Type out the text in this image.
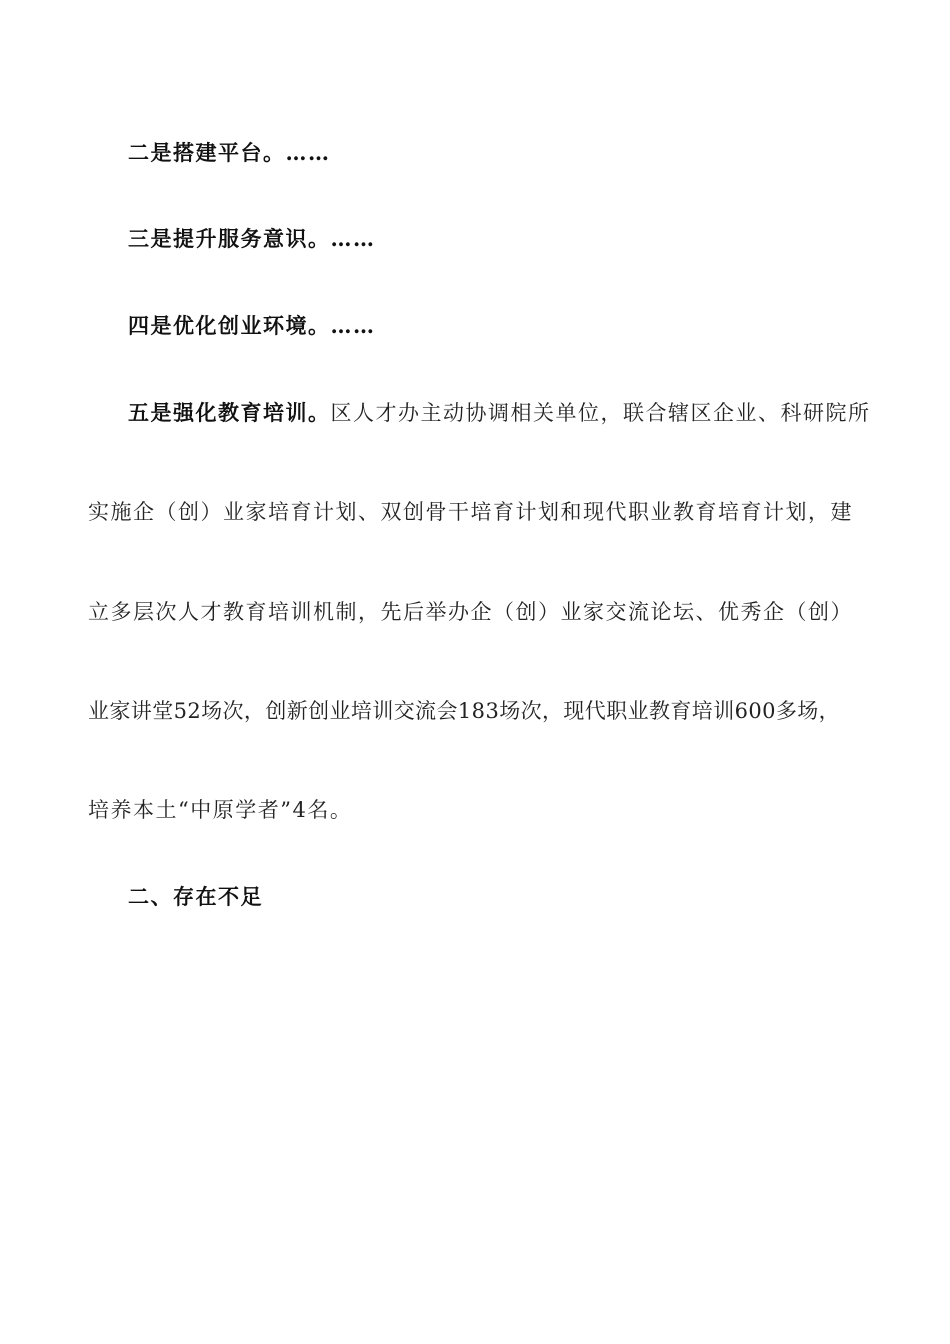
二是搭建平台。……
三是提升服务意识。……
四是优化创业环境。……
五是强化教育培训。区人才办主动协调相关单位，联合辖区企业、科研院所
实施企（创）业家培育计划、双创骨干培育计划和现代职业教育培育计划，建
立多层次人才教育培训机制，先后举办企（创）业家交流论坛、优秀企（创）
业家讲堂52场次，创新创业培训交流会183场次，现代职业教育培训600多场，
培养本土“中原学者”4名。
二、存在不足
